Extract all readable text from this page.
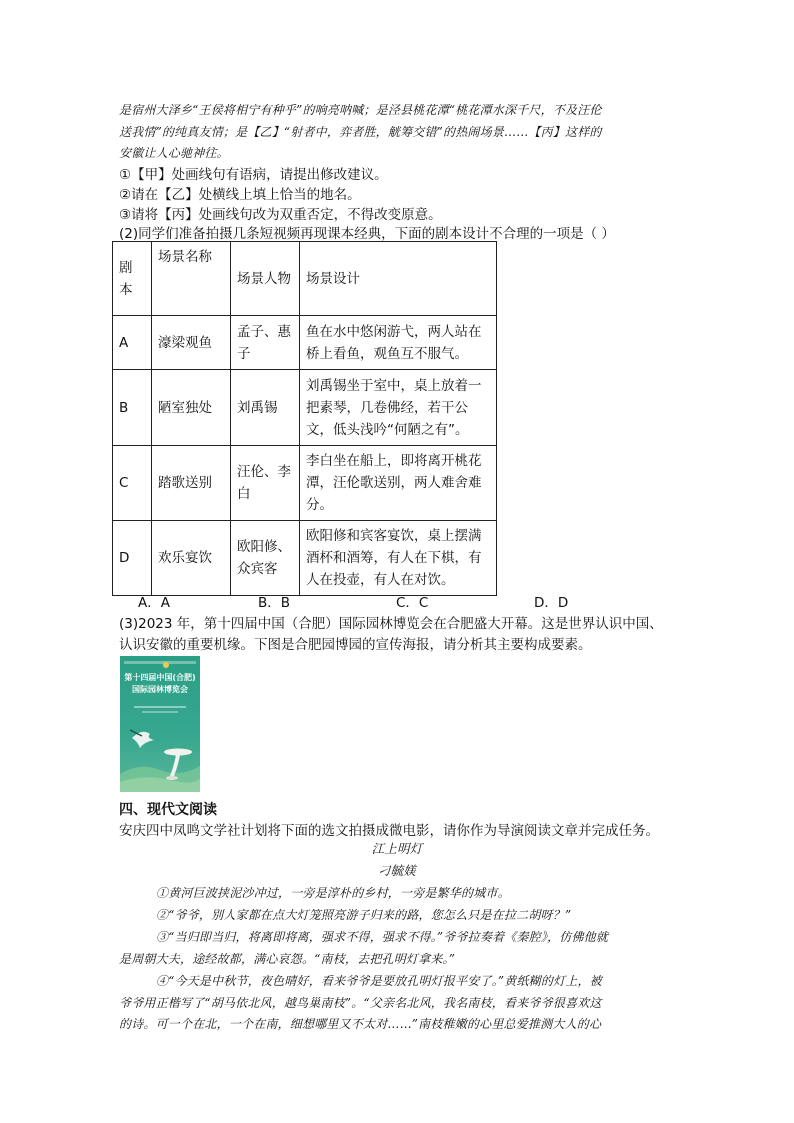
是宿州大泽乡“王侯将相宁有种乎”的响亮呐喊；是泾县桃花潭“桃花潭水深千尺，不及汪伦
送我情”的纯真友情；是【乙】“射者中，弈者胜，觥筹交错”的热闹场景……【丙】这样的
安徽让人心驰神往。
①【甲】处画线句有语病，请提出修改建议。
②请在【乙】处横线上填上恰当的地名。
③请将【丙】处画线句改为双重否定，不得改变原意。
(2)同学们准备拍摄几条短视频再现课本经典，下面的剧本设计不合理的一项是（ ）
剧本	场景名称	场景人物	场景设计
A	濠梁观鱼	孟子、惠子	鱼在水中悠闲游弋，两人站在桥上看鱼，观鱼互不服气。
B	陋室独处	刘禹锡	刘禹锡坐于室中，桌上放着一把素琴，几卷佛经，若干公文，低头浅吟“何陋之有”。
C	踏歌送别	汪伦、李白	李白坐在船上，即将离开桃花潭，汪伦歌送别，两人难舍难分。
D	欢乐宴饮	欧阳修、众宾客	欧阳修和宾客宴饮，桌上摆满酒杯和酒筹，有人在下棋，有人在投壶，有人在对饮。
A．A	B．B	C．C	D．D
(3)2023 年，第十四届中国（合肥）国际园林博览会在合肥盛大开幕。这是世界认识中国、
认识安徽的重要机缘。下图是合肥园博园的宣传海报，请分析其主要构成要素。
第十四届中国(合肥)
国际园林博览会
四、现代文阅读
安庆四中凤鸣文学社计划将下面的选文拍摄成微电影，请你作为导演阅读文章并完成任务。
江上明灯
刁毓媄
①黄河巨波挟泥沙冲过，一旁是淳朴的乡村，一旁是繁华的城市。
②“爷爷，别人家都在点大灯笼照亮游子归来的路，您怎么只是在拉二胡呀？”
③“当归即当归，将离即将离，强求不得，强求不得。”爷爷拉奏着《秦腔》，仿佛他就
是周朝大夫，途经故都，满心哀怨。“南枝，去把孔明灯拿来。”
④“今天是中秋节，夜色晴好，看来爷爷是要放孔明灯报平安了。”黄纸糊的灯上，被
爷爷用正楷写了“胡马依北风，越鸟巢南枝”。“父亲名北风，我名南枝，看来爷爷很喜欢这
的诗。可一个在北，一个在南，细想哪里又不太对……”南枝稚嫩的心里总爱推测大人的心
